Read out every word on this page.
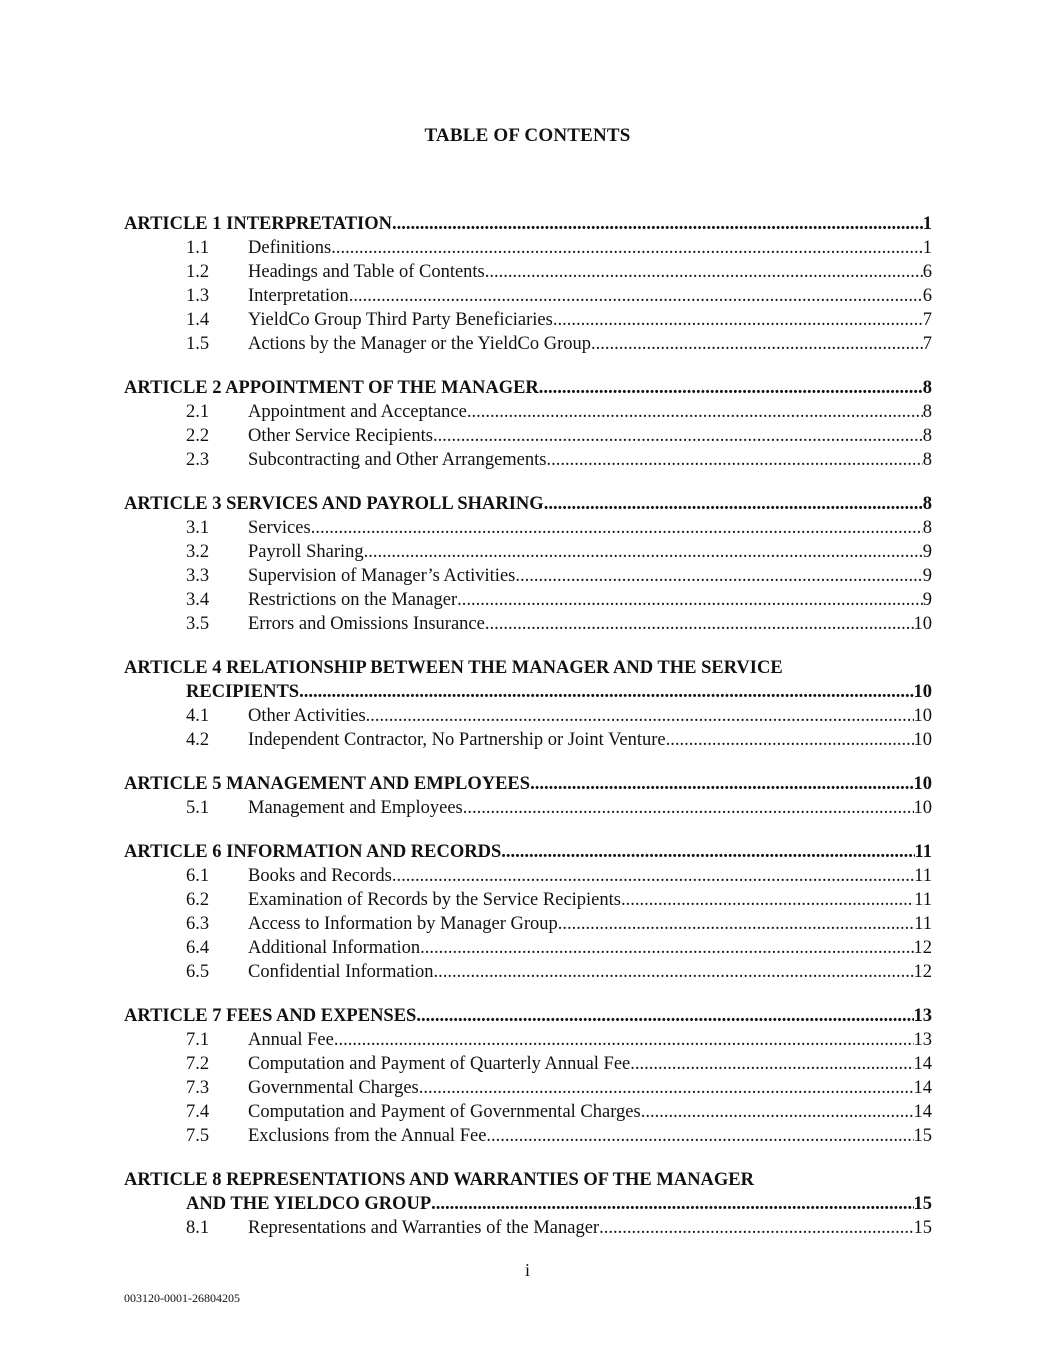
TABLE OF CONTENTS
ARTICLE 1 INTERPRETATION .....	1
1.1	Definitions .....	1
1.2	Headings and Table of Contents .....	6
1.3	Interpretation .....	6
1.4	YieldCo Group Third Party Beneficiaries .....	7
1.5	Actions by the Manager or the YieldCo Group .....	7
ARTICLE 2 APPOINTMENT OF THE MANAGER .....	8
2.1	Appointment and Acceptance .....	8
2.2	Other Service Recipients .....	8
2.3	Subcontracting and Other Arrangements .....	8
ARTICLE 3 SERVICES AND PAYROLL SHARING .....	8
3.1	Services .....	8
3.2	Payroll Sharing .....	9
3.3	Supervision of Manager’s Activities .....	9
3.4	Restrictions on the Manager .....	9
3.5	Errors and Omissions Insurance .....	10
ARTICLE 4 RELATIONSHIP BETWEEN THE MANAGER AND THE SERVICE
RECIPIENTS .....	10
4.1	Other Activities .....	10
4.2	Independent Contractor, No Partnership or Joint Venture .....	10
ARTICLE 5 MANAGEMENT AND EMPLOYEES .....	10
5.1	Management and Employees .....	10
ARTICLE 6 INFORMATION AND RECORDS .....	11
6.1	Books and Records .....	11
6.2	Examination of Records by the Service Recipients .....	11
6.3	Access to Information by Manager Group .....	11
6.4	Additional Information .....	12
6.5	Confidential Information .....	12
ARTICLE 7 FEES AND EXPENSES .....	13
7.1	Annual Fee .....	13
7.2	Computation and Payment of Quarterly Annual Fee .....	14
7.3	Governmental Charges .....	14
7.4	Computation and Payment of Governmental Charges .....	14
7.5	Exclusions from the Annual Fee .....	15
ARTICLE 8 REPRESENTATIONS AND WARRANTIES OF THE MANAGER
AND THE YIELDCO GROUP .....	15
8.1	Representations and Warranties of the Manager .....	15
i
003120-0001-26804205
